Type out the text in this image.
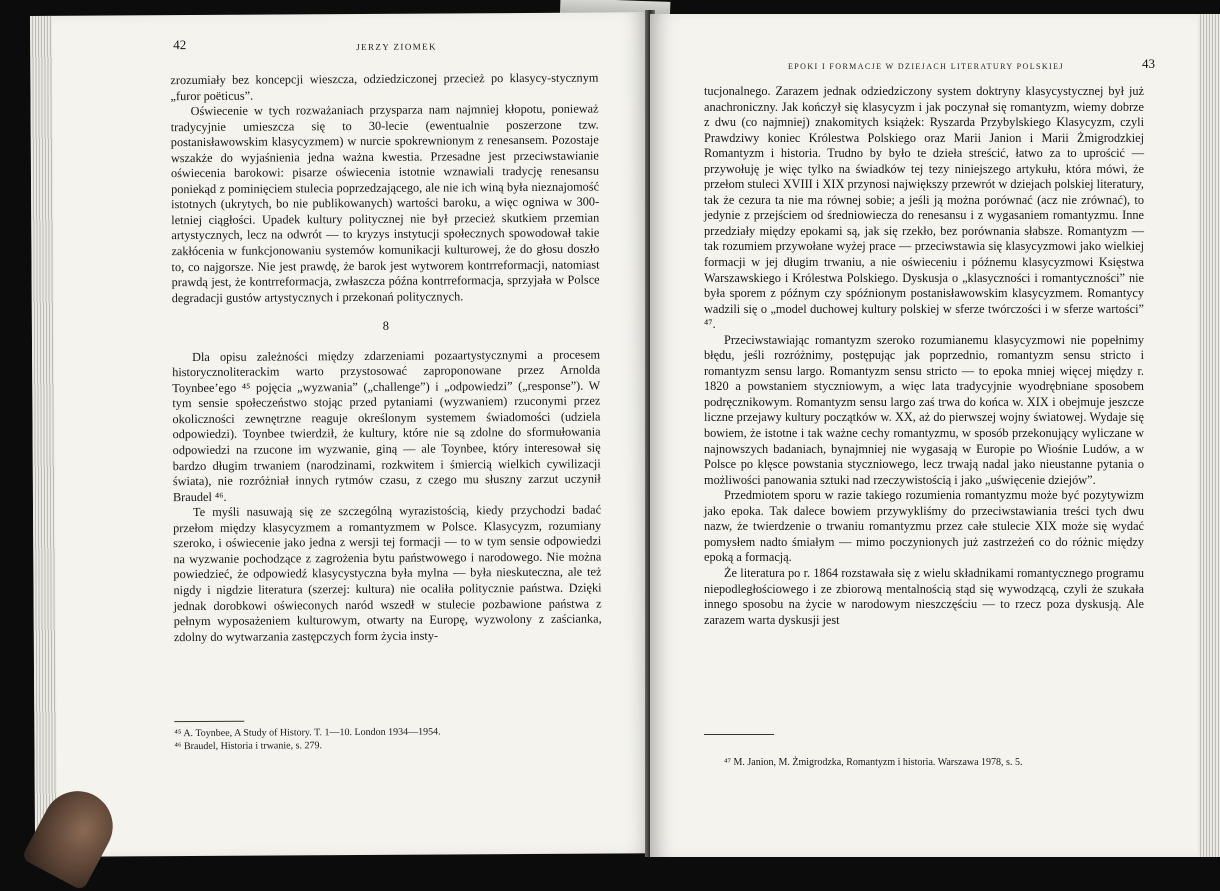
42	JERZY ZIOMEK

zrozumiały bez koncepcji wieszcza, odziedziczonej przecież po klasycy-stycznym „furor poëticus”.

Oświecenie w tych rozważaniach przysparza nam najmniej kłopotu, ponieważ tradycyjnie umieszcza się to 30-lecie (ewentualnie poszerzone tzw. postanisławowskim klasycyzmem) w nurcie spokrewnionym z renesansem. Pozostaje wszakże do wyjaśnienia jedna ważna kwestia. Przesadne jest przeciwstawianie oświecenia barokowi: pisarze oświecenia istotnie wznawiali tradycję renesansu poniekąd z pominięciem stulecia poprzedzającego, ale nie ich winą była nieznajomość istotnych (ukrytych, bo nie publikowanych) wartości baroku, a więc ogniwa w 300-letniej ciągłości. Upadek kultury politycznej nie był przecież skutkiem przemian artystycznych, lecz na odwrót — to kryzys instytucji społecznych spowodował takie zakłócenia w funkcjonowaniu systemów komunikacji kulturowej, że do głosu doszło to, co najgorsze. Nie jest prawdę, że barok jest wytworem kontrreformacji, natomiast prawdą jest, że kontrreformacja, zwłaszcza późna kontrreformacja, sprzyjała w Polsce degradacji gustów artystycznych i przekonań politycznych.

8

Dla opisu zależności między zdarzeniami pozaartystycznymi a procesem historycznoliterackim warto przystosować zaproponowane przez Arnolda Toynbee’ego ⁴⁵ pojęcia „wyzwania” („challenge”) i „odpowiedzi” („response”). W tym sensie społeczeństwo stojąc przed pytaniami (wyzwaniem) rzuconymi przez okoliczności zewnętrzne reaguje określonym systemem świadomości (udziela odpowiedzi). Toynbee twierdził, że kultury, które nie są zdolne do sformułowania odpowiedzi na rzucone im wyzwanie, giną — ale Toynbee, który interesował się bardzo długim trwaniem (narodzinami, rozkwitem i śmiercią wielkich cywilizacji świata), nie rozróżniał innych rytmów czasu, z czego mu słuszny zarzut uczynił Braudel ⁴⁶.

Te myśli nasuwają się ze szczególną wyrazistością, kiedy przychodzi badać przełom między klasycyzmem a romantyzmem w Polsce. Klasycyzm, rozumiany szeroko, i oświecenie jako jedna z wersji tej formacji — to w tym sensie odpowiedzi na wyzwanie pochodzące z zagrożenia bytu państwowego i narodowego. Nie można powiedzieć, że odpowiedź klasycystyczna była mylna — była nieskuteczna, ale też nigdy i nigdzie literatura (szerzej: kultura) nie ocaliła politycznie państwa. Dzięki jednak dorobkowi oświeconych naród wszedł w stulecie pozbawione państwa z pełnym wyposażeniem kulturowym, otwarty na Europę, wyzwolony z zaścianka, zdolny do wytwarzania zastępczych form życia insty-

⁴⁵ A. Toynbee, A Study of History. T. 1—10. London 1934—1954.
⁴⁶ Braudel, Historia i trwanie, s. 279.
EPOKI I FORMACJE W DZIEJACH LITERATURY POLSKIEJ	43

tucjonalnego. Zarazem jednak odziedziczony system doktryny klasycystycznej był już anachroniczny. Jak kończył się klasycyzm i jak poczynał się romantyzm, wiemy dobrze z dwu (co najmniej) znakomitych książek: Ryszarda Przybylskiego Klasycyzm, czyli Prawdziwy koniec Królestwa Polskiego oraz Marii Janion i Marii Żmigrodzkiej Romantyzm i historia. Trudno by było te dzieła streścić, łatwo za to uprościć — przywołuję je więc tylko na świadków tej tezy niniejszego artykułu, która mówi, że przełom stuleci XVIII i XIX przynosi największy przewrót w dziejach polskiej literatury, tak że cezura ta nie ma równej sobie; a jeśli ją można porównać (acz nie zrównać), to jedynie z przejściem od średniowiecza do renesansu i z wygasaniem romantyzmu. Inne przedziały między epokami są, jak się rzekło, bez porównania słabsze. Romantyzm — tak rozumiem przywołane wyżej prace — przeciwstawia się klasycyzmowi jako wielkiej formacji w jej długim trwaniu, a nie oświeceniu i późnemu klasycyzmowi Księstwa Warszawskiego i Królestwa Polskiego. Dyskusja o „klasyczności i romantyczności” nie była sporem z późnym czy spóźnionym postanisławowskim klasycyzmem. Romantycy wadzili się o „model duchowej kultury polskiej w sferze twórczości i w sferze wartości” ⁴⁷.

Przeciwstawiając romantyzm szeroko rozumianemu klasycyzmowi nie popełnimy błędu, jeśli rozróżnimy, postępując jak poprzednio, romantyzm sensu stricto i romantyzm sensu largo. Romantyzm sensu stricto — to epoka mniej więcej między r. 1820 a powstaniem styczniowym, a więc lata tradycyjnie wyodrębniane sposobem podręcznikowym. Romantyzm sensu largo zaś trwa do końca w. XIX i obejmuje jeszcze liczne przejawy kultury początków w. XX, aż do pierwszej wojny światowej. Wydaje się bowiem, że istotne i tak ważne cechy romantyzmu, w sposób przekonujący wyliczane w najnowszych badaniach, bynajmniej nie wygasają w Europie po Wiośnie Ludów, a w Polsce po klęsce powstania styczniowego, lecz trwają nadal jako nieustanne pytania o możliwości panowania sztuki nad rzeczywistością i jako „uświęcenie dziejów”.

Przedmiotem sporu w razie takiego rozumienia romantyzmu może być pozytywizm jako epoka. Tak dalece bowiem przywykliśmy do przeciwstawiania treści tych dwu nazw, że twierdzenie o trwaniu romantyzmu przez całe stulecie XIX może się wydać pomysłem nadto śmiałym — mimo poczynionych już zastrzeżeń co do różnic między epoką a formacją.

Że literatura po r. 1864 rozstawała się z wielu składnikami romantycznego programu niepodległościowego i ze zbiorową mentalnością stąd się wywodzącą, czyli że szukała innego sposobu na życie w narodowym nieszczęściu — to rzecz poza dyskusją. Ale zarazem warta dyskusji jest

⁴⁷ M. Janion, M. Żmigrodzka, Romantyzm i historia. Warszawa 1978, s. 5.
